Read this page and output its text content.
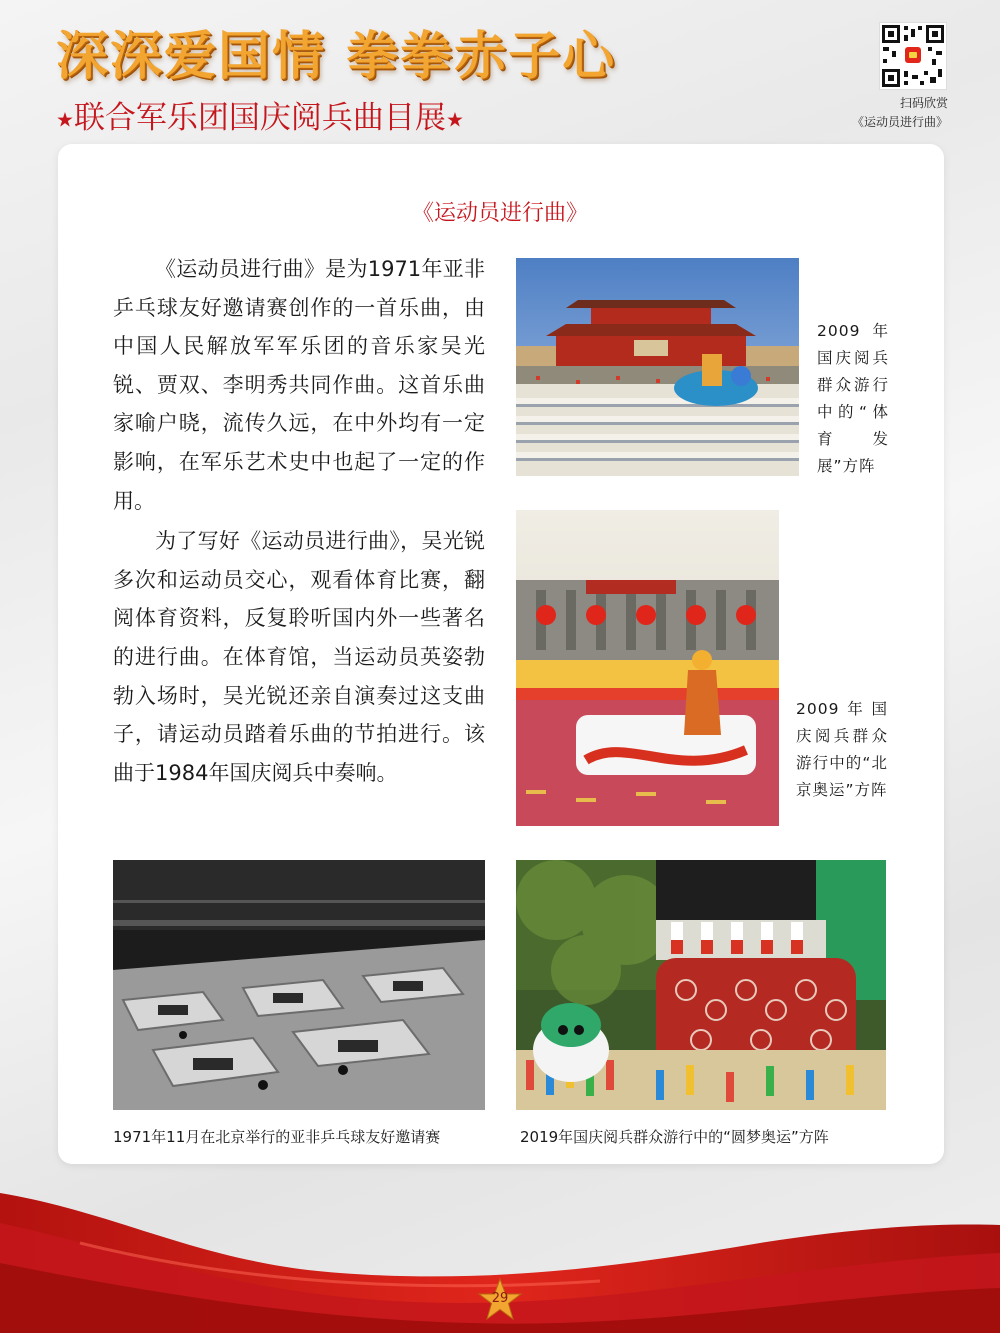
深深爱国情 拳拳赤子心
★联合军乐团国庆阅兵曲目展★
扫码欣赏
《运动员进行曲》
《运动员进行曲》

《运动员进行曲》是为1971年亚非乒乓球友好邀请赛创作的一首乐曲，由中国人民解放军军乐团的音乐家吴光锐、贾双、李明秀共同作曲。这首乐曲家喻户晓，流传久远，在中外均有一定影响，在军乐艺术史中也起了一定的作用。

为了写好《运动员进行曲》，吴光锐多次和运动员交心，观看体育比赛，翻阅体育资料，反复聆听国内外一些著名的进行曲。在体育馆，当运动员英姿勃勃入场时，吴光锐还亲自演奏过这支曲子，请运动员踏着乐曲的节拍进行。该曲于1984年国庆阅兵中奏响。

2009年国庆阅兵群众游行中的“体育发展”方阵
2009年国庆阅兵群众游行中的“北京奥运”方阵
1971年11月在北京举行的亚非乒乓球友好邀请赛	2019年国庆阅兵群众游行中的“圆梦奥运”方阵
29
